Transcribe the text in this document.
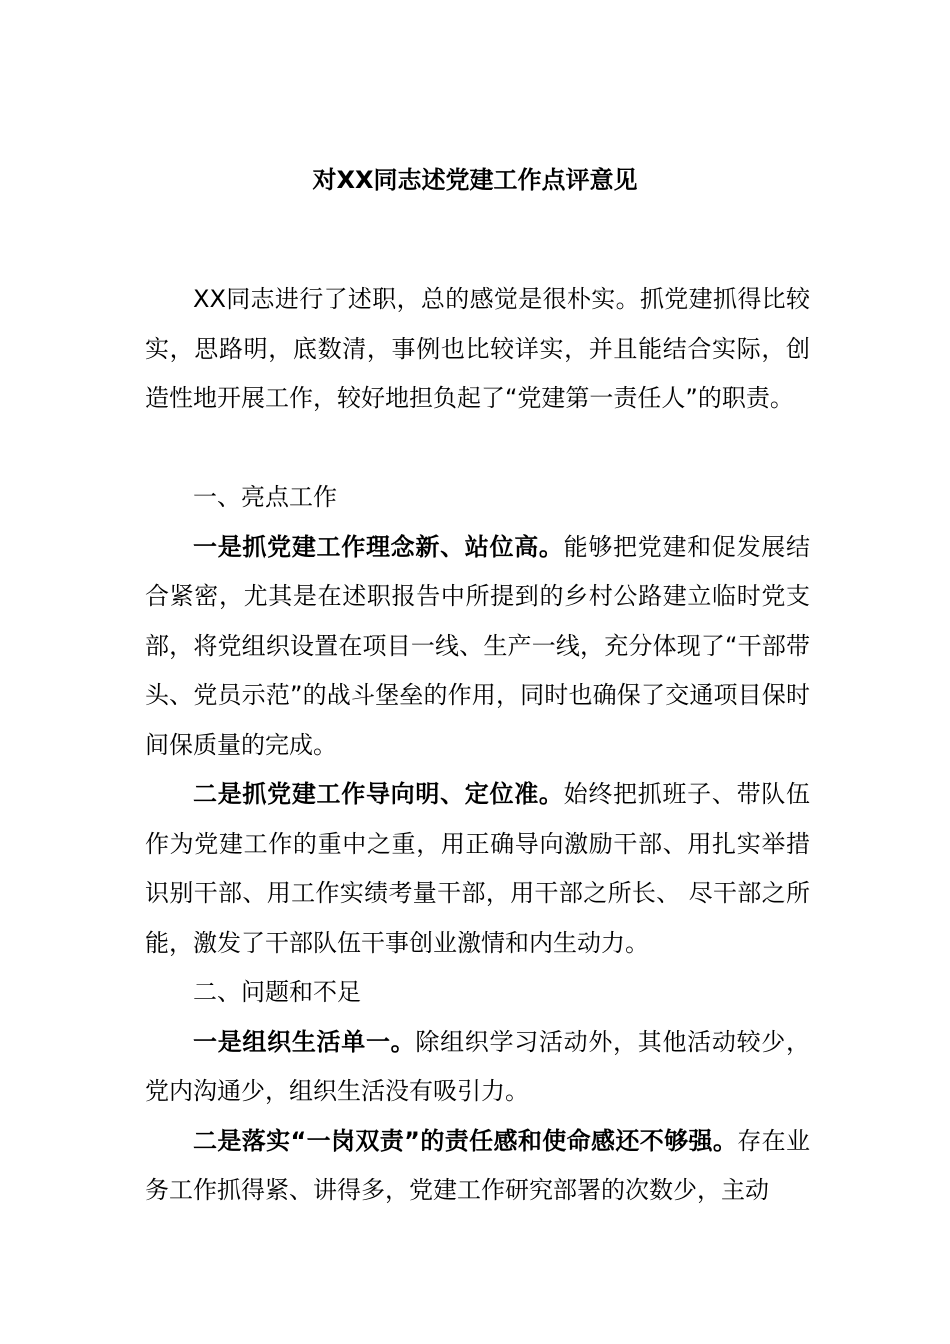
对XX同志述党建工作点评意见

XX同志进行了述职，总的感觉是很朴实。抓党建抓得比较实，思路明，底数清，事例也比较详实，并且能结合实际，创造性地开展工作，较好地担负起了“党建第一责任人”的职责。

一、亮点工作

一是抓党建工作理念新、站位高。能够把党建和促发展结合紧密，尤其是在述职报告中所提到的乡村公路建立临时党支部，将党组织设置在项目一线、生产一线，充分体现了“干部带头、党员示范”的战斗堡垒的作用，同时也确保了交通项目保时间保质量的完成。

二是抓党建工作导向明、定位准。始终把抓班子、带队伍作为党建工作的重中之重，用正确导向激励干部、用扎实举措识别干部、用工作实绩考量干部，用干部之所长、 尽干部之所能，激发了干部队伍干事创业激情和内生动力。

二、问题和不足

一是组织生活单一。除组织学习活动外，其他活动较少，党内沟通少，组织生活没有吸引力。

二是落实“一岗双责”的责任感和使命感还不够强。存在业务工作抓得紧、讲得多，党建工作研究部署的次数少，主动
